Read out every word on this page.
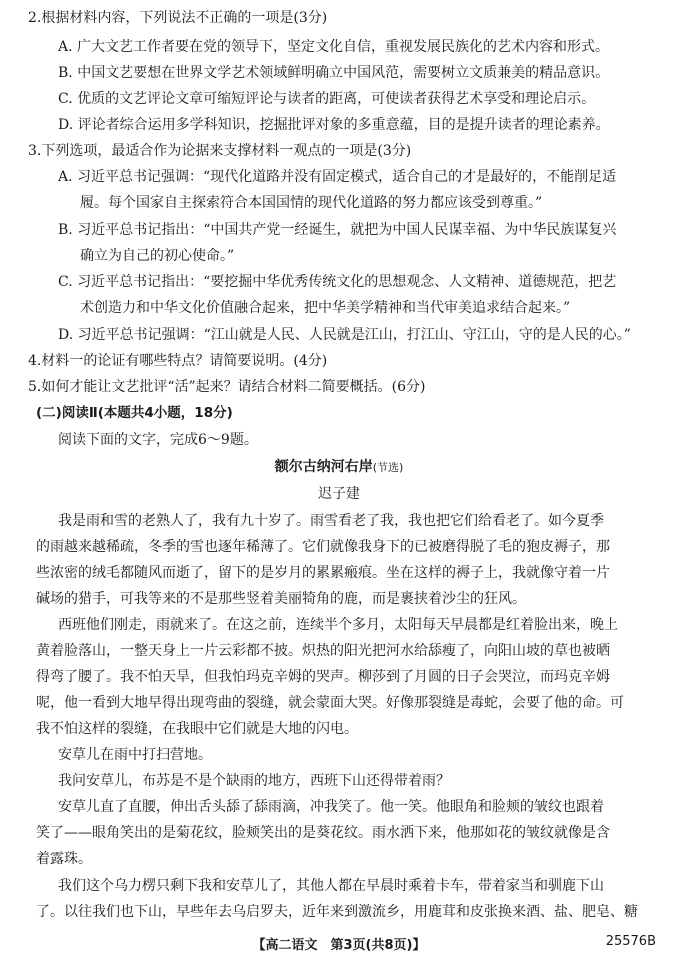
2.根据材料内容，下列说法不正确的一项是(3分)
A. 广大文艺工作者要在党的领导下，坚定文化自信，重视发展民族化的艺术内容和形式。
B. 中国文艺要想在世界文学艺术领域鲜明确立中国风范，需要树立文质兼美的精品意识。
C. 优质的文艺评论文章可缩短评论与读者的距离，可使读者获得艺术享受和理论启示。
D. 评论者综合运用多学科知识，挖掘批评对象的多重意蕴，目的是提升读者的理论素养。
3.下列选项，最适合作为论据来支撑材料一观点的一项是(3分)
A. 习近平总书记强调：“现代化道路并没有固定模式，适合自己的才是最好的，不能削足适
履。每个国家自主探索符合本国国情的现代化道路的努力都应该受到尊重。”
B. 习近平总书记指出：“中国共产党一经诞生，就把为中国人民谋幸福、为中华民族谋复兴
确立为自己的初心使命。”
C. 习近平总书记指出：“要挖掘中华优秀传统文化的思想观念、人文精神、道德规范，把艺
术创造力和中华文化价值融合起来，把中华美学精神和当代审美追求结合起来。”
D. 习近平总书记强调：“江山就是人民、人民就是江山，打江山、守江山，守的是人民的心。”
4.材料一的论证有哪些特点？请简要说明。(4分)
5.如何才能让文艺批评“活”起来？请结合材料二简要概括。(6分)
(二)阅读Ⅱ(本题共4小题，18分)
阅读下面的文字，完成6～9题。
额尔古纳河右岸(节选)
迟子建
我是雨和雪的老熟人了，我有九十岁了。雨雪看老了我，我也把它们给看老了。如今夏季
的雨越来越稀疏，冬季的雪也逐年稀薄了。它们就像我身下的已被磨得脱了毛的狍皮褥子，那
些浓密的绒毛都随风而逝了，留下的是岁月的累累瘢痕。坐在这样的褥子上，我就像守着一片
碱场的猎手，可我等来的不是那些竖着美丽犄角的鹿，而是裹挟着沙尘的狂风。
西班他们刚走，雨就来了。在这之前，连续半个多月，太阳每天早晨都是红着脸出来，晚上
黄着脸落山，一整天身上一片云彩都不披。炽热的阳光把河水给舔瘦了，向阳山坡的草也被晒
得弯了腰了。我不怕天旱，但我怕玛克辛姆的哭声。柳莎到了月圆的日子会哭泣，而玛克辛姆
呢，他一看到大地早得出现弯曲的裂缝，就会蒙面大哭。好像那裂缝是毒蛇，会要了他的命。可
我不怕这样的裂缝，在我眼中它们就是大地的闪电。
安草儿在雨中打扫营地。
我问安草儿，布苏是不是个缺雨的地方，西班下山还得带着雨？
安草儿直了直腰，伸出舌头舔了舔雨滴，冲我笑了。他一笑。他眼角和脸颊的皱纹也跟着
笑了——眼角笑出的是菊花纹，脸颊笑出的是葵花纹。雨水洒下来，他那如花的皱纹就像是含
着露珠。
我们这个乌力楞只剩下我和安草儿了，其他人都在早晨时乘着卡车，带着家当和驯鹿下山
了。以往我们也下山，早些年去乌启罗夫，近年来到激流乡，用鹿茸和皮张换来酒、盐、肥皂、糖
【高二语文　第3页(共8页)】	25576B
